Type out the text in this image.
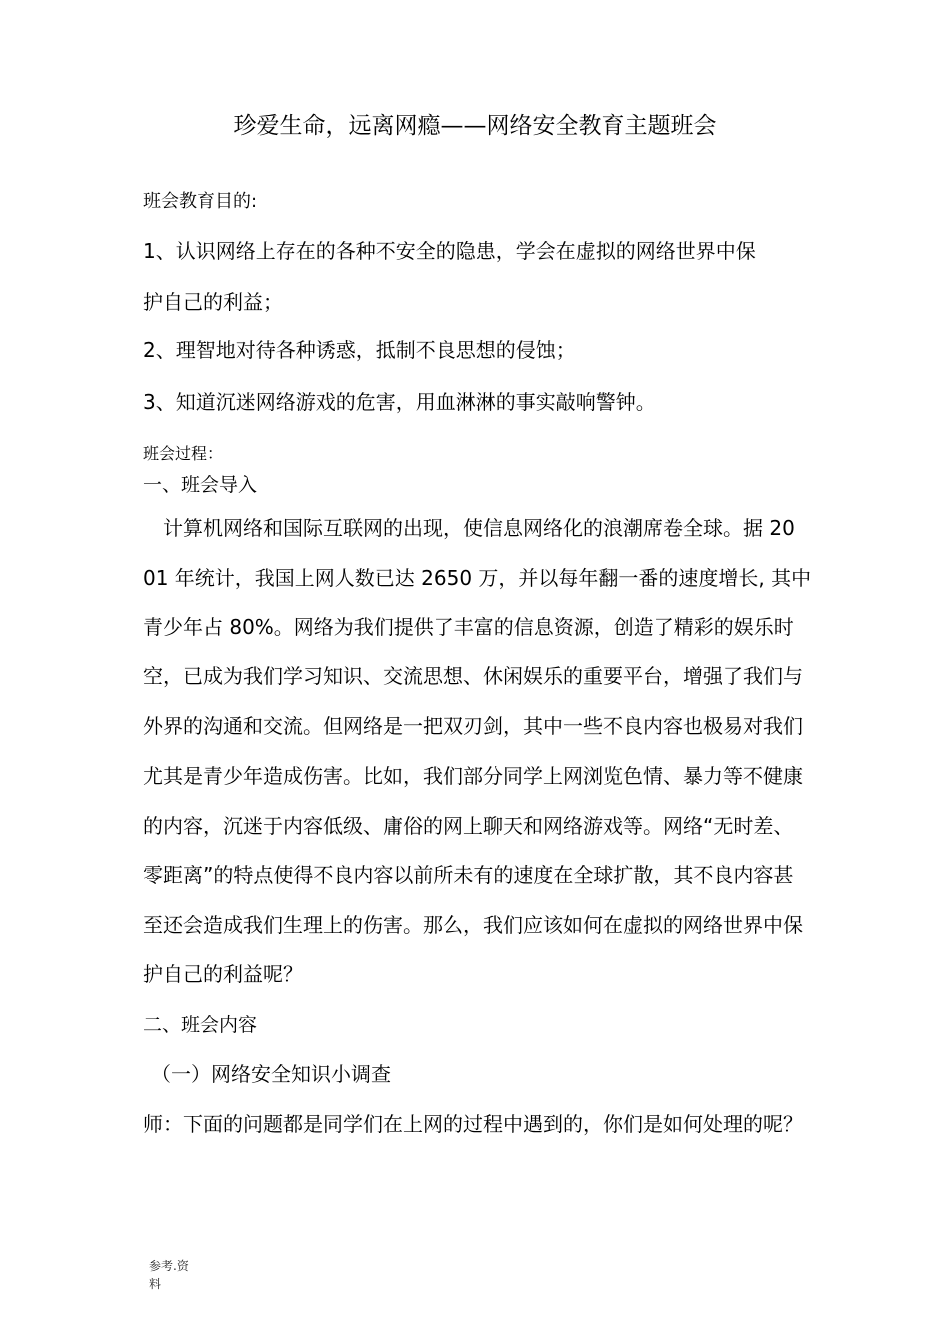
珍爱生命，远离网瘾——网络安全教育主题班会
班会教育目的:
1、认识网络上存在的各种不安全的隐患，学会在虚拟的网络世界中保
护自己的利益；
2、理智地对待各种诱惑，抵制不良思想的侵蚀；
3、知道沉迷网络游戏的危害，用血淋淋的事实敲响警钟。
班会过程：
一、班会导入
　计算机网络和国际互联网的出现，使信息网络化的浪潮席卷全球。据 20
01 年统计，我国上网人数已达 2650 万，并以每年翻一番的速度增长, 其中
青少年占 80%。网络为我们提供了丰富的信息资源，创造了精彩的娱乐时
空，已成为我们学习知识、交流思想、休闲娱乐的重要平台，增强了我们与
外界的沟通和交流。但网络是一把双刃剑，其中一些不良内容也极易对我们
尤其是青少年造成伤害。比如，我们部分同学上网浏览色情、暴力等不健康
的内容，沉迷于内容低级、庸俗的网上聊天和网络游戏等。网络“无时差、
零距离”的特点使得不良内容以前所未有的速度在全球扩散，其不良内容甚
至还会造成我们生理上的伤害。那么，我们应该如何在虚拟的网络世界中保
护自己的利益呢？
二、班会内容
（一）网络安全知识小调查
师：下面的问题都是同学们在上网的过程中遇到的，你们是如何处理的呢？
参考.资
料
